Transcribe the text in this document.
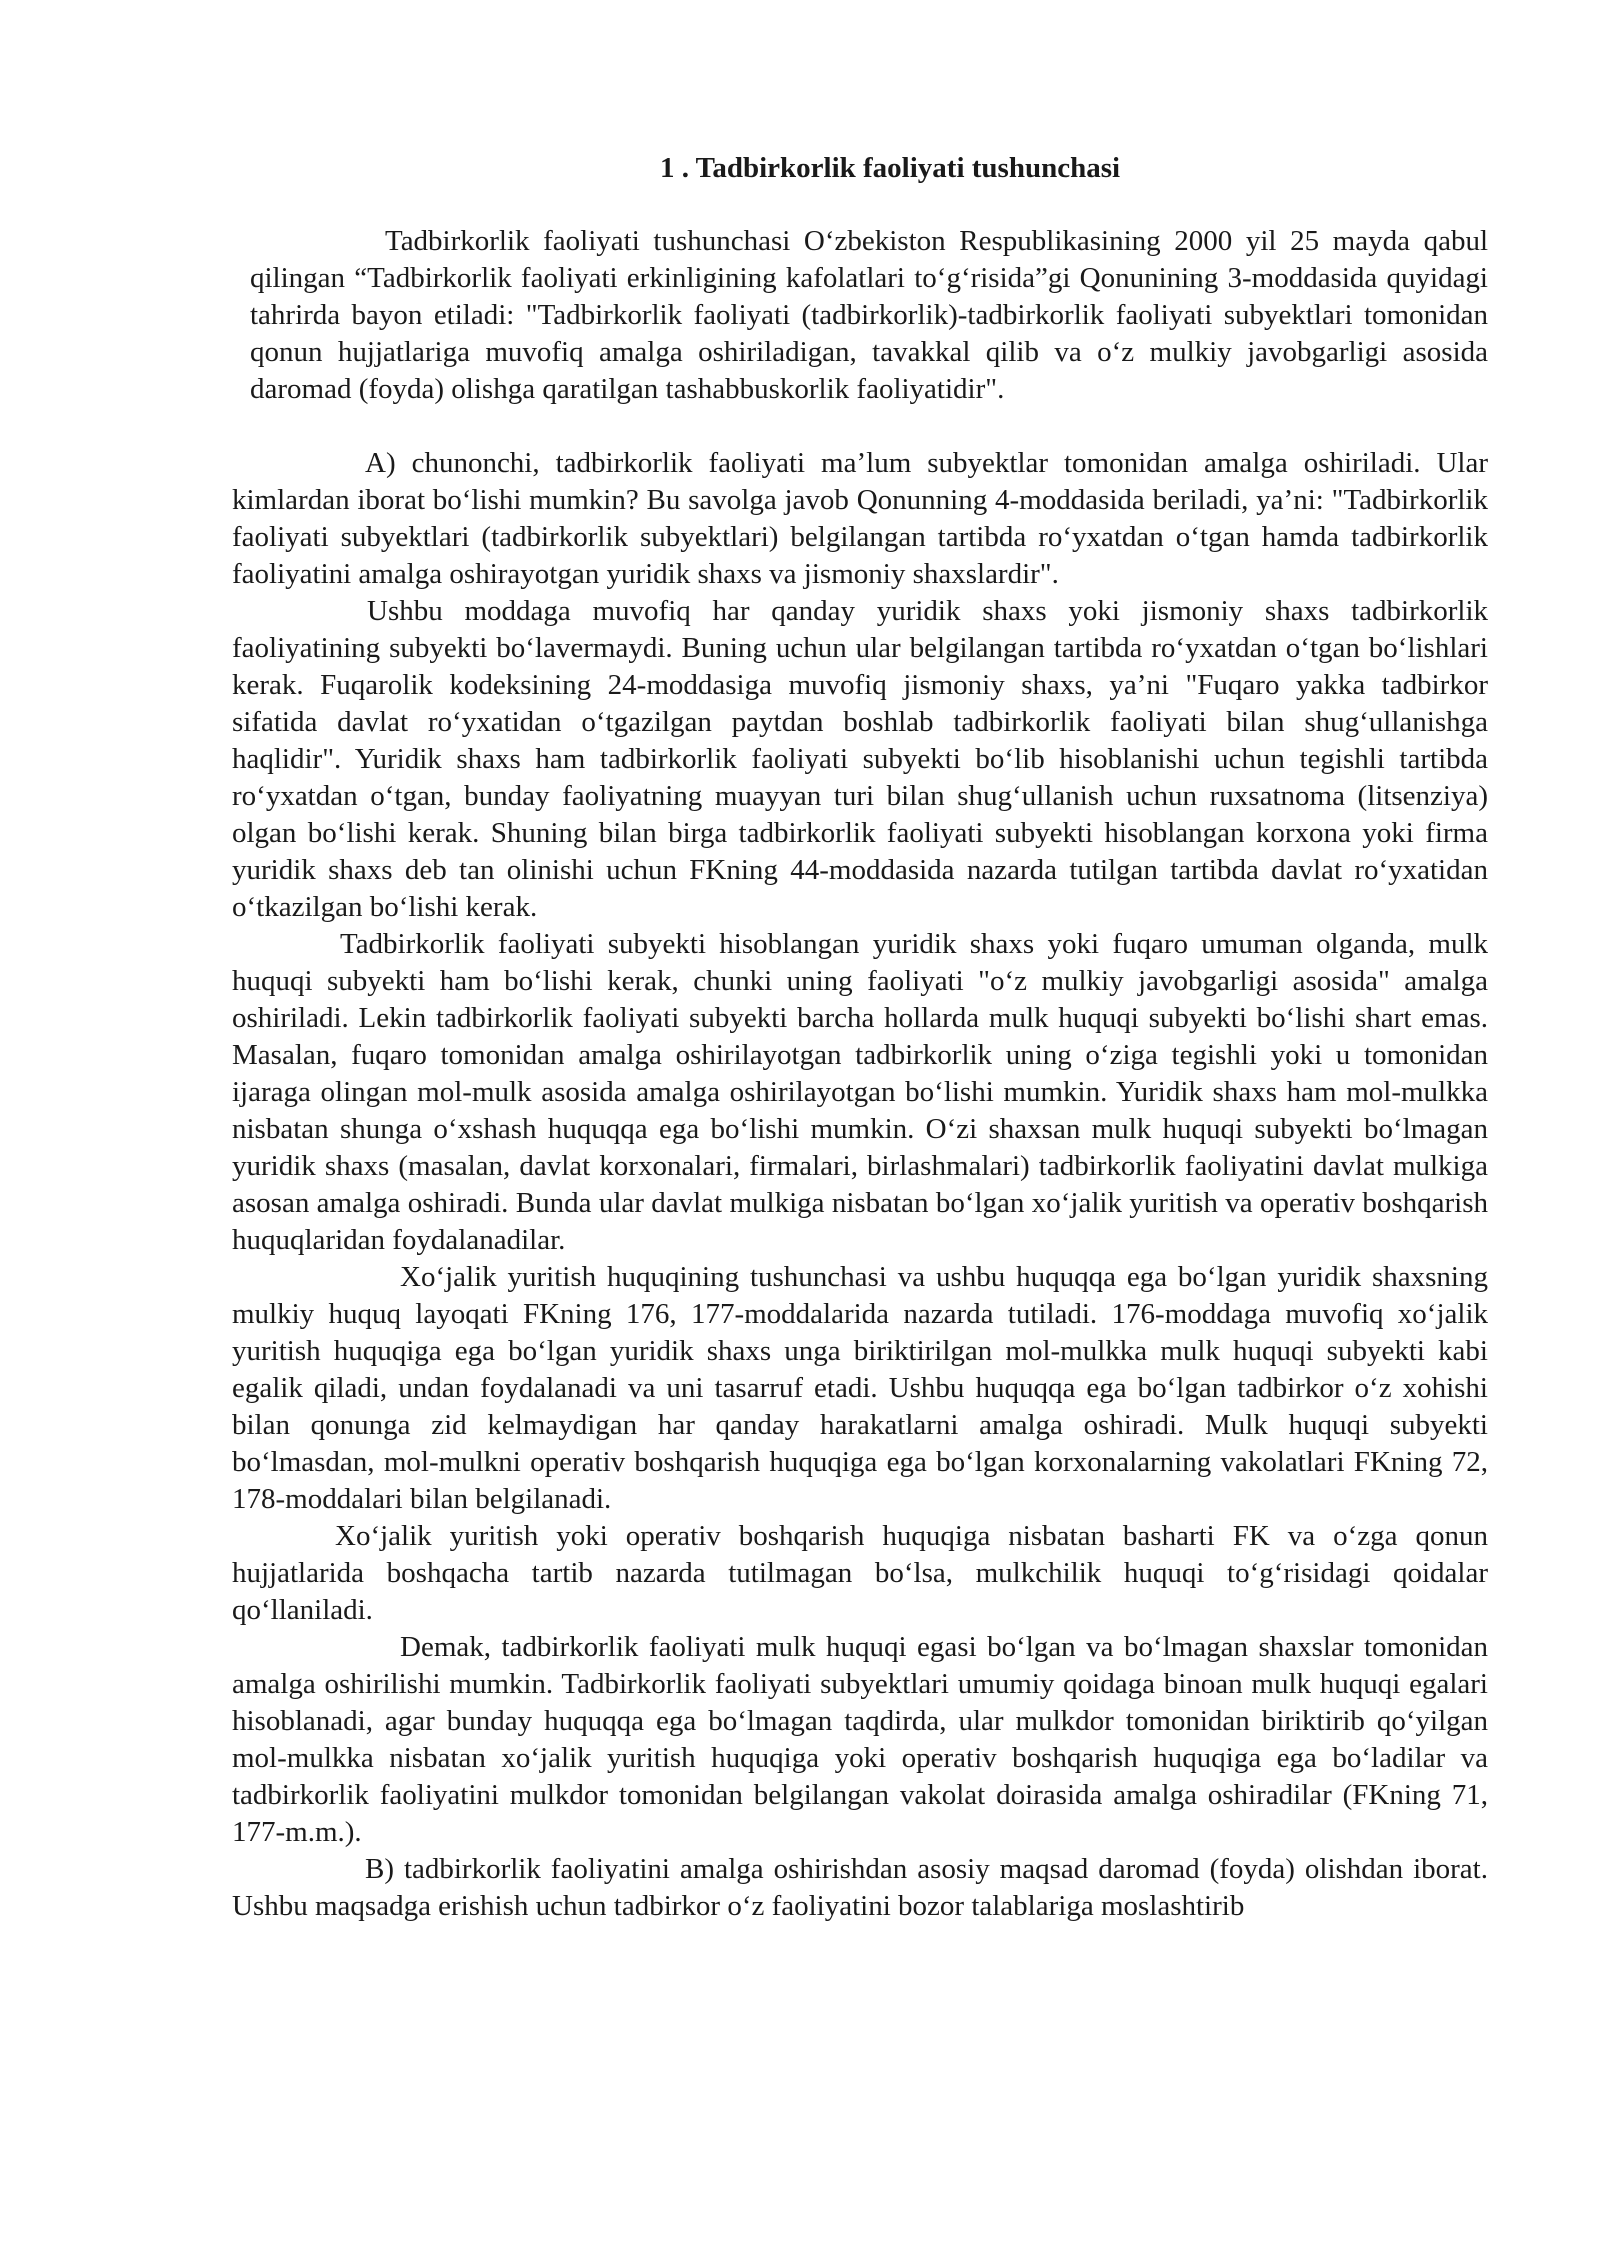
1 . Tadbirkorlik faoliyati tushunchasi

Tadbirkorlik faoliyati tushunchasi O‘zbekiston Respublikasining 2000 yil 25 mayda qabul qilingan “Tadbirkorlik faoliyati erkinligining kafolatlari to‘g‘risida”gi Qonunining 3-moddasida quyidagi tahrirda bayon etiladi: "Tadbirkorlik faoliyati (tadbirkorlik)-tadbirkorlik faoliyati subyektlari tomonidan qonun hujjatlariga muvofiq amalga oshiriladigan, tavakkal qilib va o‘z mulkiy javobgarligi asosida daromad (foyda) olishga qaratilgan tashabbuskorlik faoliyatidir".

A) chunonchi, tadbirkorlik faoliyati ma’lum subyektlar tomonidan amalga oshiriladi. Ular kimlardan iborat bo‘lishi mumkin? Bu savolga javob Qonunning 4-moddasida beriladi, ya’ni: "Tadbirkorlik faoliyati subyektlari (tadbirkorlik subyektlari) belgilangan tartibda ro‘yxatdan o‘tgan hamda tadbirkorlik faoliyatini amalga oshirayotgan yuridik shaxs va jismoniy shaxslardir".

Ushbu moddaga muvofiq har qanday yuridik shaxs yoki jismoniy shaxs tadbirkorlik faoliyatining subyekti bo‘lavermaydi. Buning uchun ular belgilangan tartibda ro‘yxatdan o‘tgan bo‘lishlari kerak. Fuqarolik kodeksining 24-moddasiga muvofiq jismoniy shaxs, ya’ni "Fuqaro yakka tadbirkor sifatida davlat ro‘yxatidan o‘tgazilgan paytdan boshlab tadbirkorlik faoliyati bilan shug‘ullanishga haqlidir". Yuridik shaxs ham tadbirkorlik faoliyati subyekti bo‘lib hisoblanishi uchun tegishli tartibda ro‘yxatdan o‘tgan, bunday faoliyatning muayyan turi bilan shug‘ullanish uchun ruxsatnoma (litsenziya) olgan bo‘lishi kerak. Shuning bilan birga tadbirkorlik faoliyati subyekti hisoblangan korxona yoki firma yuridik shaxs deb tan olinishi uchun FKning 44-moddasida nazarda tutilgan tartibda davlat ro‘yxatidan o‘tkazilgan bo‘lishi kerak.

Tadbirkorlik faoliyati subyekti hisoblangan yuridik shaxs yoki fuqaro umuman olganda, mulk huquqi subyekti ham bo‘lishi kerak, chunki uning faoliyati "o‘z mulkiy javobgarligi asosida" amalga oshiriladi. Lekin tadbirkorlik faoliyati subyekti barcha hollarda mulk huquqi subyekti bo‘lishi shart emas. Masalan, fuqaro tomonidan amalga oshirilayotgan tadbirkorlik uning o‘ziga tegishli yoki u tomonidan ijaraga olingan mol-mulk asosida amalga oshirilayotgan bo‘lishi mumkin. Yuridik shaxs ham mol-mulkka nisbatan shunga o‘xshash huquqqa ega bo‘lishi mumkin. O‘zi shaxsan mulk huquqi subyekti bo‘lmagan yuridik shaxs (masalan, davlat korxonalari, firmalari, birlashmalari) tadbirkorlik faoliyatini davlat mulkiga asosan amalga oshiradi. Bunda ular davlat mulkiga nisbatan bo‘lgan xo‘jalik yuritish va operativ boshqarish huquqlaridan foydalanadilar.

Xo‘jalik yuritish huquqining tushunchasi va ushbu huquqqa ega bo‘lgan yuridik shaxsning mulkiy huquq layoqati FKning 176, 177-moddalarida nazarda tutiladi. 176-moddaga muvofiq xo‘jalik yuritish huquqiga ega bo‘lgan yuridik shaxs unga biriktirilgan mol-mulkka mulk huquqi subyekti kabi egalik qiladi, undan foydalanadi va uni tasarruf etadi. Ushbu huquqqa ega bo‘lgan tadbirkor o‘z xohishi bilan qonunga zid kelmaydigan har qanday harakatlarni amalga oshiradi. Mulk huquqi subyekti bo‘lmasdan, mol-mulkni operativ boshqarish huquqiga ega bo‘lgan korxonalarning vakolatlari FKning 72, 178-moddalari bilan belgilanadi.

Xo‘jalik yuritish yoki operativ boshqarish huquqiga nisbatan basharti FK va o‘zga qonun hujjatlarida boshqacha tartib nazarda tutilmagan bo‘lsa, mulkchilik huquqi to‘g‘risidagi qoidalar qo‘llaniladi.

Demak, tadbirkorlik faoliyati mulk huquqi egasi bo‘lgan va bo‘lmagan shaxslar tomonidan amalga oshirilishi mumkin. Tadbirkorlik faoliyati subyektlari umumiy qoidaga binoan mulk huquqi egalari hisoblanadi, agar bunday huquqqa ega bo‘lmagan taqdirda, ular mulkdor tomonidan biriktirib qo‘yilgan mol-mulkka nisbatan xo‘jalik yuritish huquqiga yoki operativ boshqarish huquqiga ega bo‘ladilar va tadbirkorlik faoliyatini mulkdor tomonidan belgilangan vakolat doirasida amalga oshiradilar (FKning 71, 177-m.m.).

B) tadbirkorlik faoliyatini amalga oshirishdan asosiy maqsad daromad (foyda) olishdan iborat. Ushbu maqsadga erishish uchun tadbirkor o‘z faoliyatini bozor talablariga moslashtirib
